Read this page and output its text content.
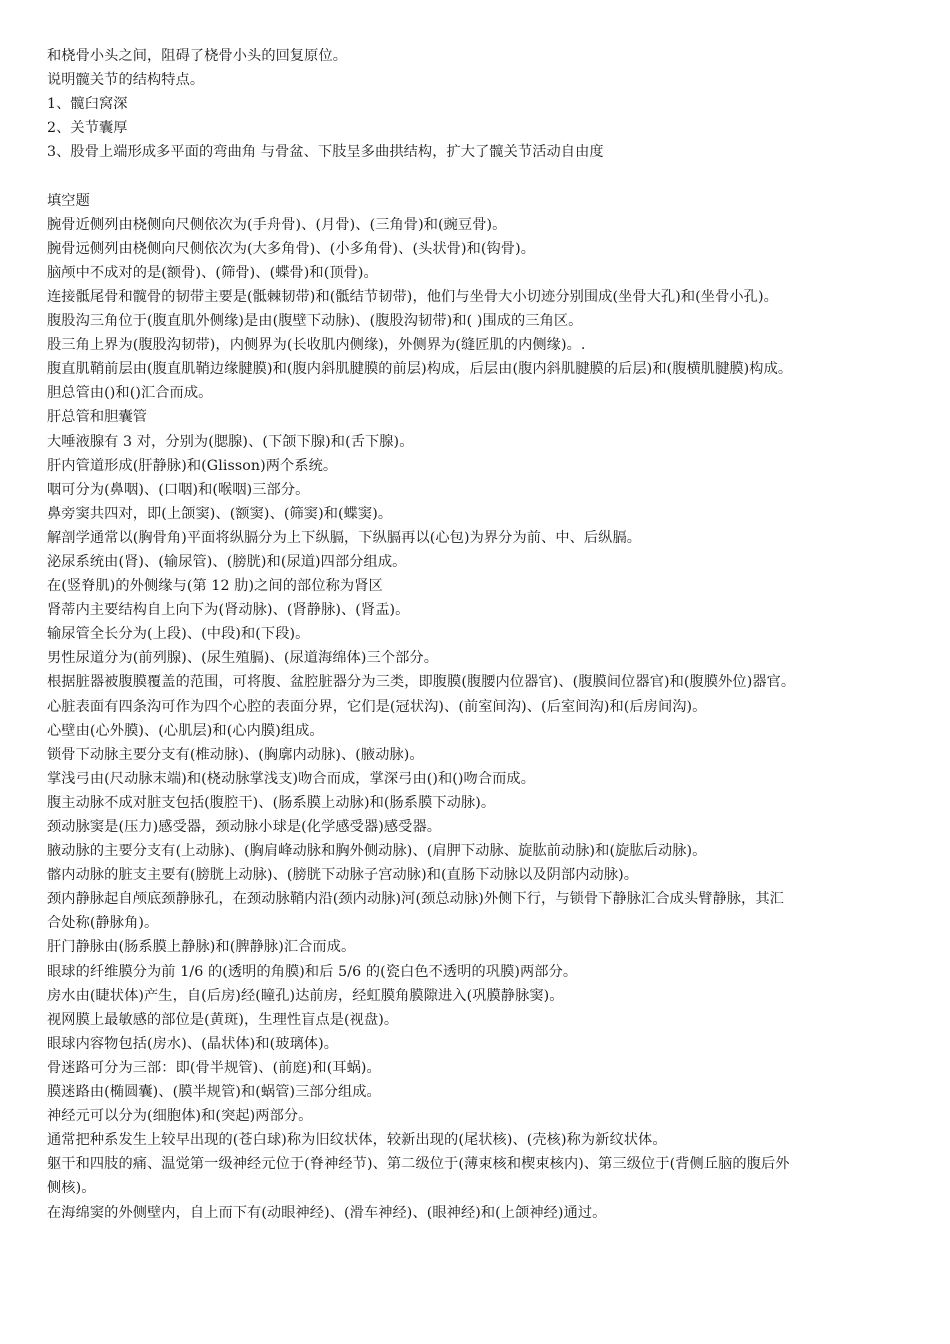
和桡骨小头之间，阻碍了桡骨小头的回复原位。
说明髋关节的结构特点。
1、髋臼窝深
2、关节囊厚
3、股骨上端形成多平面的弯曲角 与骨盆、下肢呈多曲拱结构，扩大了髋关节活动自由度
填空题
腕骨近侧列由桡侧向尺侧依次为(手舟骨)、(月骨)、(三角骨)和(豌豆骨)。
腕骨远侧列由桡侧向尺侧依次为(大多角骨)、(小多角骨)、(头状骨)和(钩骨)。
脑颅中不成对的是(额骨)、(筛骨)、(蝶骨)和(顶骨)。
连接骶尾骨和髋骨的韧带主要是(骶棘韧带)和(骶结节韧带)，他们与坐骨大小切迹分别围成(坐骨大孔)和(坐骨小孔)。
腹股沟三角位于(腹直肌外侧缘)是由(腹壁下动脉)、(腹股沟韧带)和( )围成的三角区。
股三角上界为(腹股沟韧带)，内侧界为(长收肌内侧缘)，外侧界为(缝匠肌的内侧缘)。.
腹直肌鞘前层由(腹直肌鞘边缘腱膜)和(腹内斜肌腱膜的前层)构成，后层由(腹内斜肌腱膜的后层)和(腹横肌腱膜)构成。
胆总管由()和()汇合而成。
肝总管和胆囊管
大唾液腺有 3 对，分别为(腮腺)、(下颌下腺)和(舌下腺)。
肝内管道形成(肝静脉)和(Glisson)两个系统。
咽可分为(鼻咽)、(口咽)和(喉咽)三部分。
鼻旁窦共四对，即(上颌窦)、(额窦)、(筛窦)和(蝶窦)。
解剖学通常以(胸骨角)平面将纵膈分为上下纵膈，下纵膈再以(心包)为界分为前、中、后纵膈。
泌尿系统由(肾)、(输尿管)、(膀胱)和(尿道)四部分组成。
在(竖脊肌)的外侧缘与(第 12 肋)之间的部位称为肾区
肾蒂内主要结构自上向下为(肾动脉)、(肾静脉)、(肾盂)。
输尿管全长分为(上段)、(中段)和(下段)。
男性尿道分为(前列腺)、(尿生殖膈)、(尿道海绵体)三个部分。
根据脏器被腹膜覆盖的范围，可将腹、盆腔脏器分为三类，即腹膜(腹腰内位器官)、(腹膜间位器官)和(腹膜外位)器官。
心脏表面有四条沟可作为四个心腔的表面分界，它们是(冠状沟)、(前室间沟)、(后室间沟)和(后房间沟)。
心壁由(心外膜)、(心肌层)和(心内膜)组成。
锁骨下动脉主要分支有(椎动脉)、(胸廓内动脉)、(腋动脉)。
掌浅弓由(尺动脉末端)和(桡动脉掌浅支)吻合而成，掌深弓由()和()吻合而成。
腹主动脉不成对脏支包括(腹腔干)、(肠系膜上动脉)和(肠系膜下动脉)。
颈动脉窦是(压力)感受器，颈动脉小球是(化学感受器)感受器。
腋动脉的主要分支有(上动脉)、(胸肩峰动脉和胸外侧动脉)、(肩胛下动脉、旋肱前动脉)和(旋肱后动脉)。
髂内动脉的脏支主要有(膀胱上动脉)、(膀胱下动脉子宫动脉)和(直肠下动脉以及阴部内动脉)。
颈内静脉起自颅底颈静脉孔，在颈动脉鞘内沿(颈内动脉)河(颈总动脉)外侧下行，与锁骨下静脉汇合成头臂静脉，其汇
合处称(静脉角)。
肝门静脉由(肠系膜上静脉)和(脾静脉)汇合而成。
眼球的纤维膜分为前 1/6 的(透明的角膜)和后 5/6 的(瓷白色不透明的巩膜)两部分。
房水由(睫状体)产生，自(后房)经(瞳孔)达前房，经虹膜角膜隙进入(巩膜静脉窦)。
视网膜上最敏感的部位是(黄斑)，生理性盲点是(视盘)。
眼球内容物包括(房水)、(晶状体)和(玻璃体)。
骨迷路可分为三部：即(骨半规管)、(前庭)和(耳蜗)。
膜迷路由(椭圆囊)、(膜半规管)和(蜗管)三部分组成。
神经元可以分为(细胞体)和(突起)两部分。
通常把种系发生上较早出现的(苍白球)称为旧纹状体，较新出现的(尾状核)、(壳核)称为新纹状体。
躯干和四肢的痛、温觉第一级神经元位于(脊神经节)、第二级位于(薄束核和楔束核内)、第三级位于(背侧丘脑的腹后外
侧核)。
在海绵窦的外侧壁内，自上而下有(动眼神经)、(滑车神经)、(眼神经)和(上颌神经)通过。
